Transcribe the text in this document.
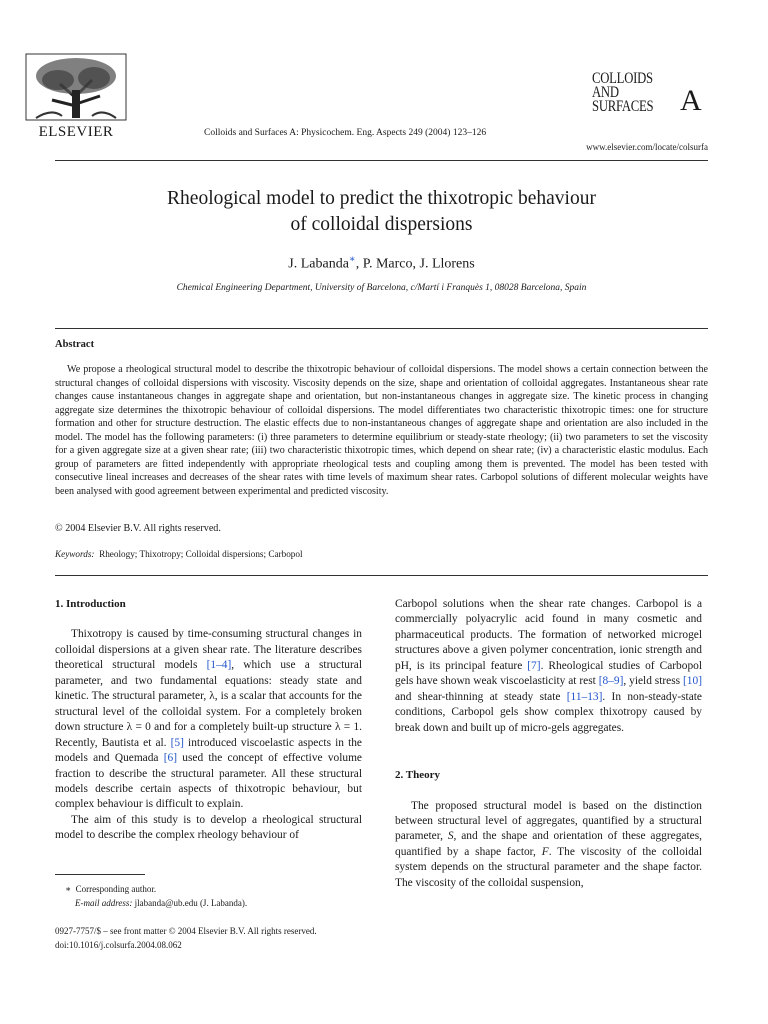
ELSEVIER	Colloids and Surfaces A: Physicochem. Eng. Aspects 249 (2004) 123–126
COLLOIDS
AND
SURFACES A
www.elsevier.com/locate/colsurfa
Rheological model to predict the thixotropic behaviour
of colloidal dispersions
J. Labanda∗, P. Marco, J. Llorens
Chemical Engineering Department, University of Barcelona, c/Martí i Franquès 1, 08028 Barcelona, Spain
Abstract
We propose a rheological structural model to describe the thixotropic behaviour of colloidal dispersions. The model shows a certain connection between the structural changes of colloidal dispersions with viscosity. Viscosity depends on the size, shape and orientation of colloidal aggregates. Instantaneous shear rate changes cause instantaneous changes in aggregate shape and orientation, but non-instantaneous changes in aggregate size. The kinetic process in changing aggregate size determines the thixotropic behaviour of colloidal dispersions. The model differentiates two characteristic thixotropic times: one for structure formation and other for structure destruction. The elastic effects due to non-instantaneous changes of aggregate shape and orientation are also included in the model. The model has the following parameters: (i) three parameters to determine equilibrium or steady-state rheology; (ii) two parameters to set the viscosity for a given aggregate size at a given shear rate; (iii) two characteristic thixotropic times, which depend on shear rate; (iv) a characteristic elastic modulus. Each group of parameters are fitted independently with appropriate rheological tests and coupling among them is prevented. The model has been tested with consecutive lineal increases and decreases of the shear rates with time levels of maximum shear rates. Carbopol solutions of different molecular weights have been analysed with good agreement between experimental and predicted viscosity.
© 2004 Elsevier B.V. All rights reserved.
Keywords: Rheology; Thixotropy; Colloidal dispersions; Carbopol
1. Introduction

Thixotropy is caused by time-consuming structural changes in colloidal dispersions at a given shear rate. The literature describes theoretical structural models [1–4], which use a structural parameter, and two fundamental equations: steady state and kinetic. The structural parameter, λ, is a scalar that accounts for the structural level of the colloidal system. For a completely broken down structure λ = 0 and for a completely built-up structure λ = 1. Recently, Bautista et al. [5] introduced viscoelastic aspects in the models and Quemada [6] used the concept of effective volume fraction to describe the structural parameter. All these structural models describe certain aspects of thixotropic behaviour, but complex behaviour is difficult to explain.

The aim of this study is to develop a rheological structural model to describe the complex rheology behaviour of

Carbopol solutions when the shear rate changes. Carbopol is a commercially polyacrylic acid found in many cosmetic and pharmaceutical products. The formation of networked microgel structures above a given polymer concentration, ionic strength and pH, is its principal feature [7]. Rheological studies of Carbopol gels have shown weak viscoelasticity at rest [8–9], yield stress [10] and shear-thinning at steady state [11–13]. In non-steady-state conditions, Carbopol gels show complex thixotropy caused by break down and built up of micro-gels aggregates.

2. Theory

The proposed structural model is based on the distinction between structural level of aggregates, quantified by a structural parameter, S, and the shape and orientation of these aggregates, quantified by a shape factor, F. The viscosity of the colloidal system depends on the structural parameter and the shape factor. The viscosity of the colloidal suspension,

∗ Corresponding author.
E-mail address: jlabanda@ub.edu (J. Labanda).
0927-7757/$ – see front matter © 2004 Elsevier B.V. All rights reserved.
doi:10.1016/j.colsurfa.2004.08.062
